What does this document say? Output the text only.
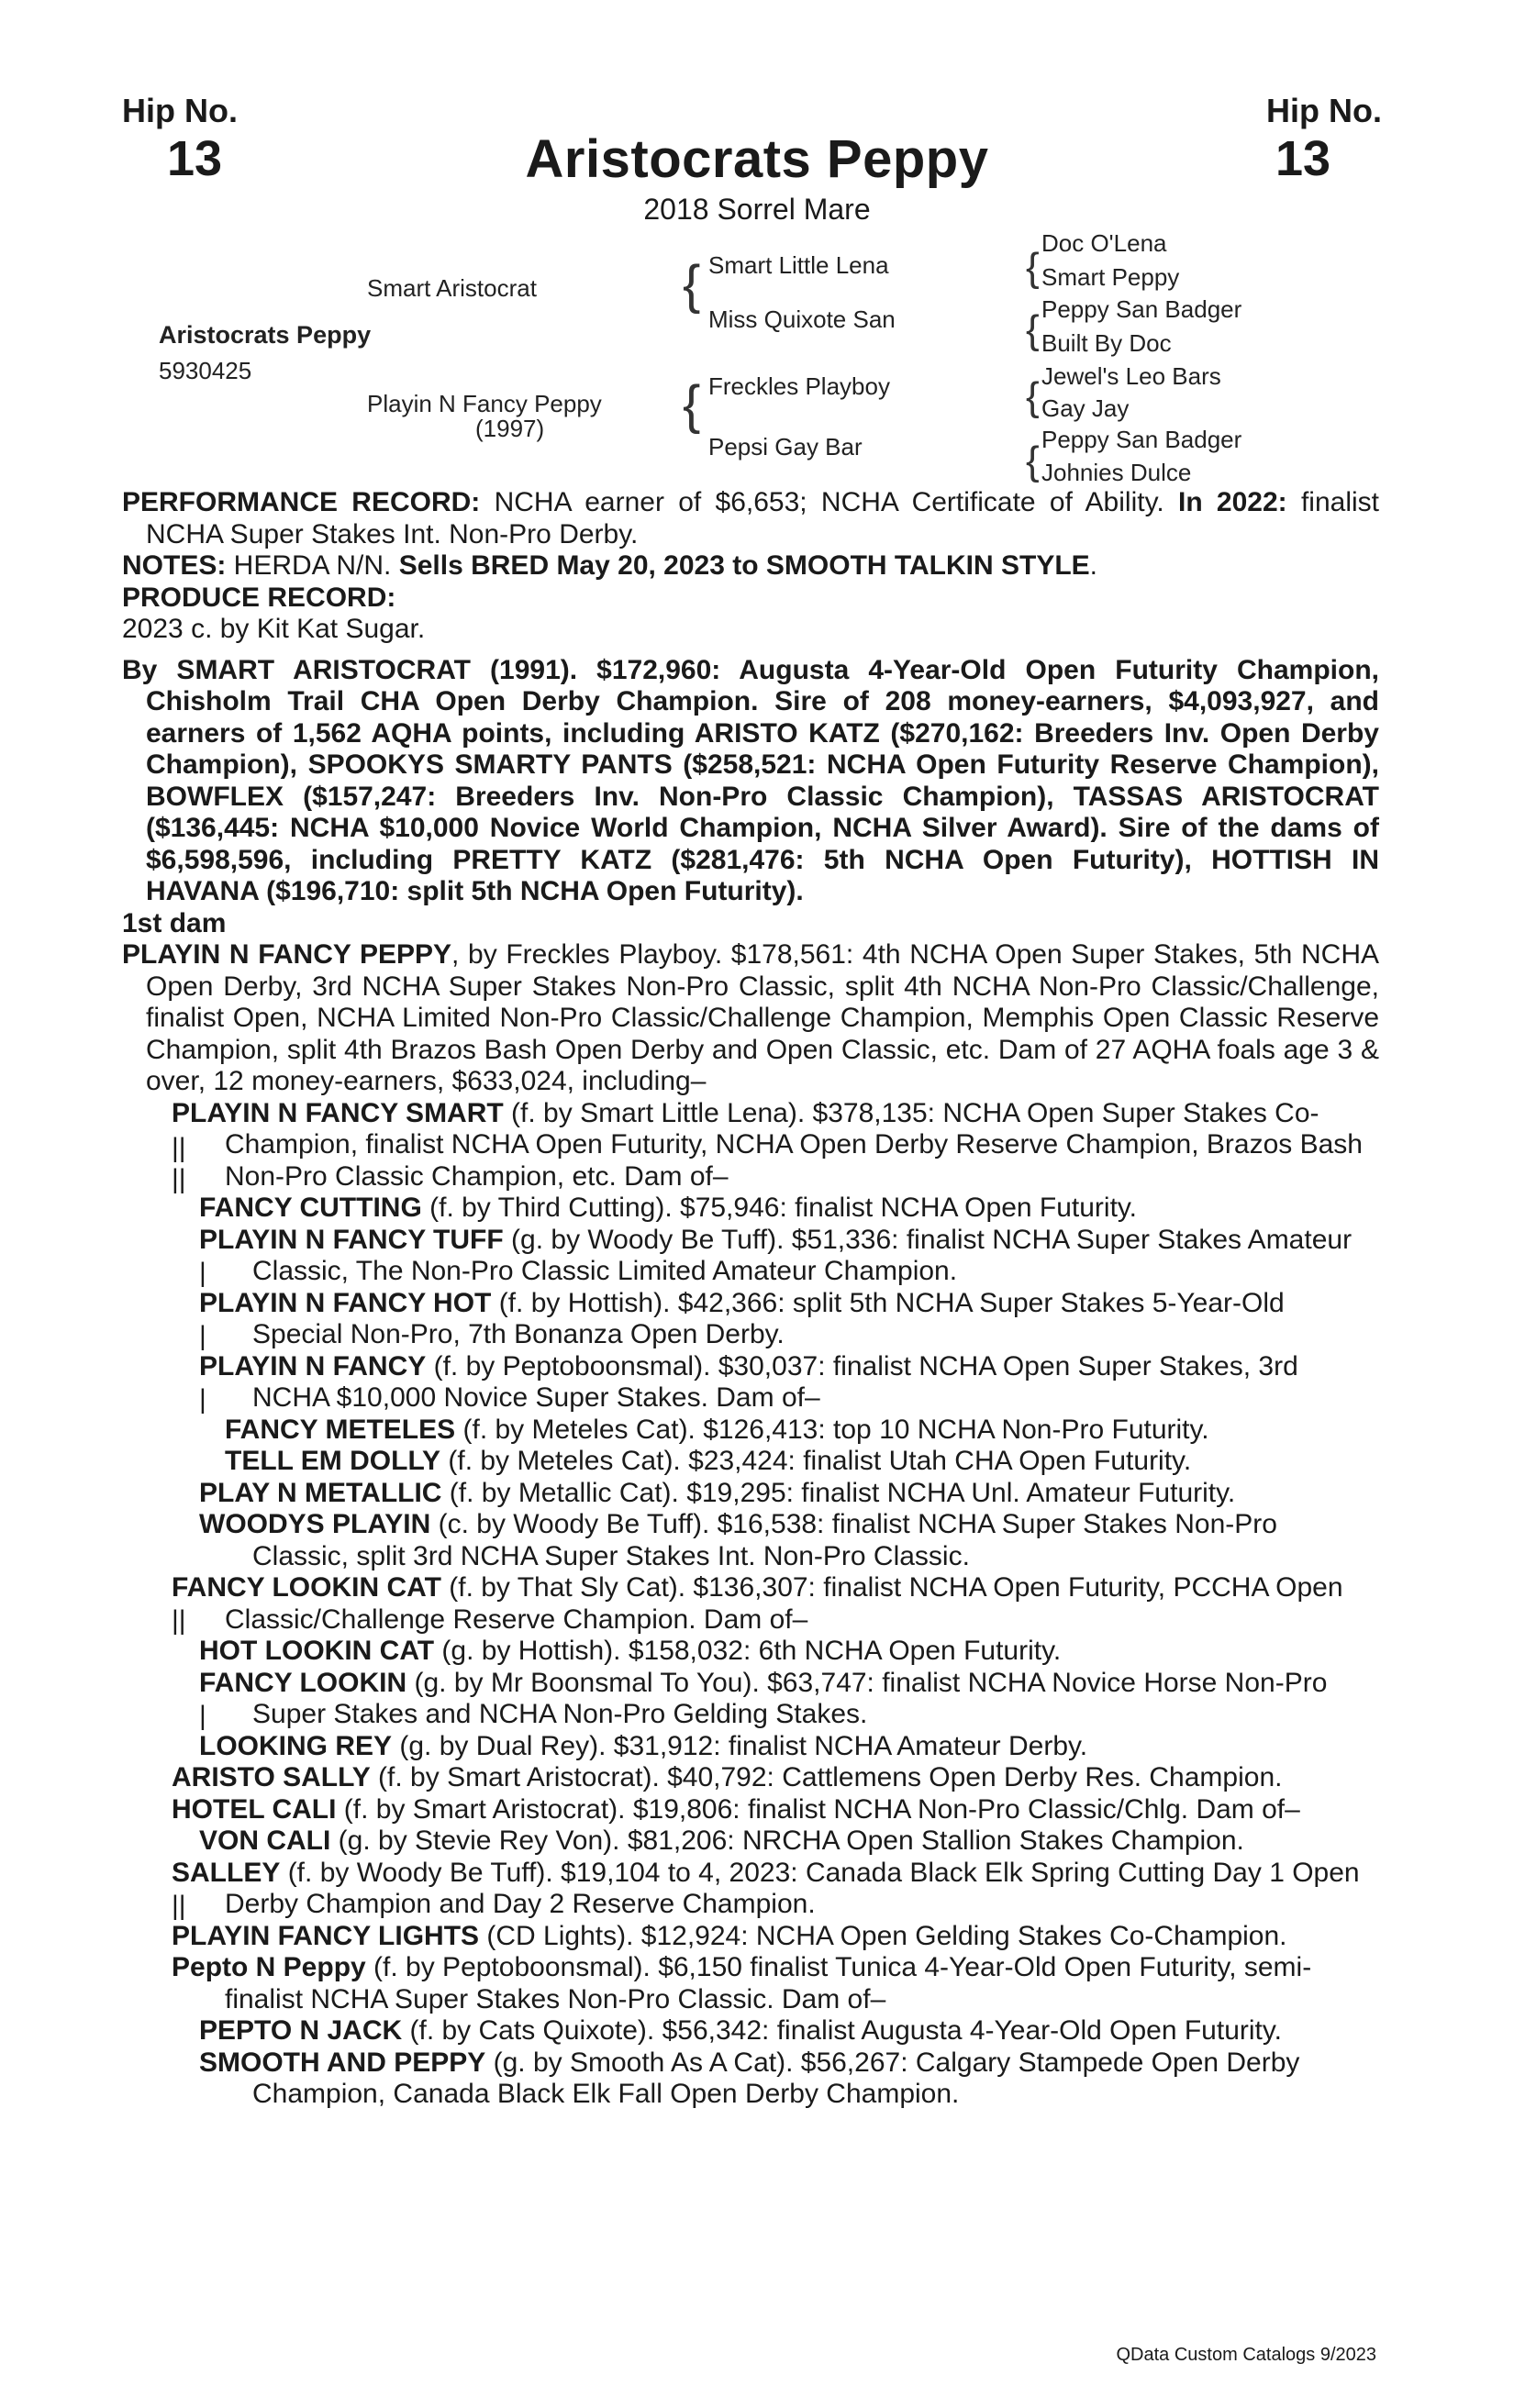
Hip No.
13
Hip No.
13
Aristocrats Peppy
2018 Sorrel Mare
Aristocrats Peppy
5930425
Smart Aristocrat
Playin N Fancy Peppy
(1997)
{ Smart Little Lena
Miss Quixote San
{ Freckles Playboy
Pepsi Gay Bar
{
Doc O'Lena
Smart Peppy
{ Peppy San Badger
Built By Doc
{ Jewel's Leo Bars
Gay Jay
{ Peppy San Badger
Johnies Dulce

PERFORMANCE RECORD: NCHA earner of $6,653; NCHA Certificate of Ability. In 2022: finalist NCHA Super Stakes Int. Non-Pro Derby.

NOTES: HERDA N/N. Sells BRED May 20, 2023 to SMOOTH TALKIN STYLE.

PRODUCE RECORD:

2023 c. by Kit Kat Sugar.

By SMART ARISTOCRAT (1991). $172,960: Augusta 4-Year-Old Open Futurity Champion, Chisholm Trail CHA Open Derby Champion. Sire of 208 money-earners, $4,093,927, and earners of 1,562 AQHA points, including ARISTO KATZ ($270,162: Breeders Inv. Open Derby Champion), SPOOKYS SMARTY PANTS ($258,521: NCHA Open Futurity Reserve Champion), BOWFLEX ($157,247: Breeders Inv. Non-Pro Classic Champion), TASSAS ARISTOCRAT ($136,445: NCHA $10,000 Novice World Champion, NCHA Silver Award). Sire of the dams of $6,598,596, including PRETTY KATZ ($281,476: 5th NCHA Open Futurity), HOTTISH IN HAVANA ($196,710: split 5th NCHA Open Futurity).

1st dam

PLAYIN N FANCY PEPPY, by Freckles Playboy. $178,561: 4th NCHA Open Super Stakes, 5th NCHA Open Derby, 3rd NCHA Super Stakes Non-Pro Classic, split 4th NCHA Non-Pro Classic/Challenge, finalist Open, NCHA Limited Non-Pro Classic/Challenge Champion, Memphis Open Classic Reserve Champion, split 4th Brazos Bash Open Derby and Open Classic, etc. Dam of 27 AQHA foals age 3 & over, 12 money-earners, $633,024, including–

PLAYIN N FANCY SMART (f. by Smart Little Lena). $378,135: NCHA Open Super Stakes Co-Champion, finalist NCHA Open Futurity, NCHA Open Derby Reserve Champion, Brazos Bash Non-Pro Classic Champion, etc. Dam of–
||
||
FANCY CUTTING (f. by Third Cutting). $75,946: finalist NCHA Open Futurity.
PLAYIN N FANCY TUFF (g. by Woody Be Tuff). $51,336: finalist NCHA Super Stakes Amateur Classic, The Non-Pro Classic Limited Amateur Champion.
|
PLAYIN N FANCY HOT (f. by Hottish). $42,366: split 5th NCHA Super Stakes 5-Year-Old Special Non-Pro, 7th Bonanza Open Derby.
|
PLAYIN N FANCY (f. by Peptoboonsmal). $30,037: finalist NCHA Open Super Stakes, 3rd NCHA $10,000 Novice Super Stakes. Dam of–
|
FANCY METELES (f. by Meteles Cat). $126,413: top 10 NCHA Non-Pro Futurity.
TELL EM DOLLY (f. by Meteles Cat). $23,424: finalist Utah CHA Open Futurity.
PLAY N METALLIC (f. by Metallic Cat). $19,295: finalist NCHA Unl. Amateur Futurity.
WOODYS PLAYIN (c. by Woody Be Tuff). $16,538: finalist NCHA Super Stakes Non-Pro Classic, split 3rd NCHA Super Stakes Int. Non-Pro Classic.
FANCY LOOKIN CAT (f. by That Sly Cat). $136,307: finalist NCHA Open Futurity, PCCHA Open Classic/Challenge Reserve Champion. Dam of–
||
HOT LOOKIN CAT (g. by Hottish). $158,032: 6th NCHA Open Futurity.
FANCY LOOKIN (g. by Mr Boonsmal To You). $63,747: finalist NCHA Novice Horse Non-Pro Super Stakes and NCHA Non-Pro Gelding Stakes.
|
LOOKING REY (g. by Dual Rey). $31,912: finalist NCHA Amateur Derby.
ARISTO SALLY (f. by Smart Aristocrat). $40,792: Cattlemens Open Derby Res. Champion.
HOTEL CALI (f. by Smart Aristocrat). $19,806: finalist NCHA Non-Pro Classic/Chlg. Dam of–
VON CALI (g. by Stevie Rey Von). $81,206: NRCHA Open Stallion Stakes Champion.
SALLEY (f. by Woody Be Tuff). $19,104 to 4, 2023: Canada Black Elk Spring Cutting Day 1 Open Derby Champion and Day 2 Reserve Champion.
||
PLAYIN FANCY LIGHTS (CD Lights). $12,924: NCHA Open Gelding Stakes Co-Champion.
Pepto N Peppy (f. by Peptoboonsmal). $6,150 finalist Tunica 4-Year-Old Open Futurity, semi-finalist NCHA Super Stakes Non-Pro Classic. Dam of–
PEPTO N JACK (f. by Cats Quixote). $56,342: finalist Augusta 4-Year-Old Open Futurity.
SMOOTH AND PEPPY (g. by Smooth As A Cat). $56,267: Calgary Stampede Open Derby Champion, Canada Black Elk Fall Open Derby Champion.
QData Custom Catalogs 9/2023
